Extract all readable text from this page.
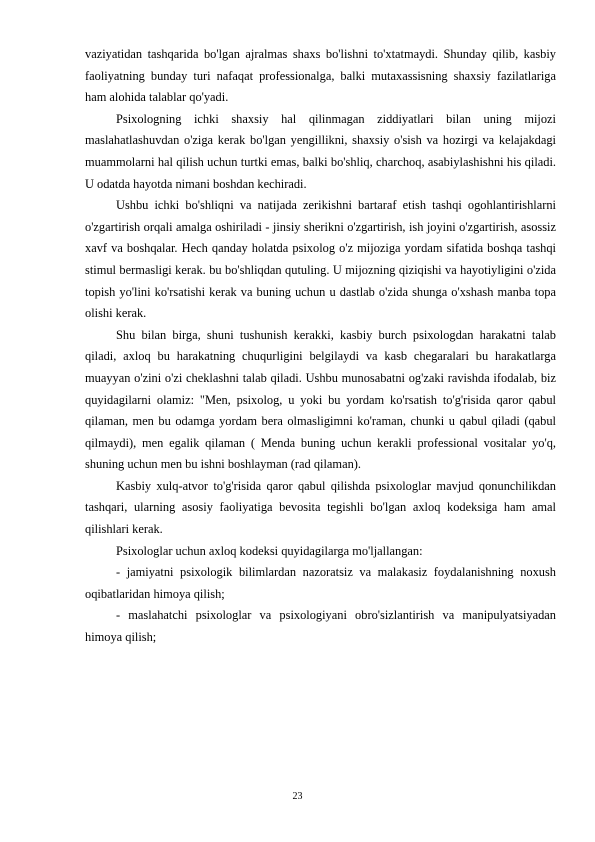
vaziyatidan tashqarida bo'lgan ajralmas shaxs bo'lishni to'xtatmaydi. Shunday qilib, kasbiy faoliyatning bunday turi nafaqat professionalga, balki mutaxassisning shaxsiy fazilatlariga ham alohida talablar qo'yadi.

Psixologning ichki shaxsiy hal qilinmagan ziddiyatlari bilan uning mijozi maslahatlashuvdan o'ziga kerak bo'lgan yengillikni, shaxsiy o'sish va hozirgi va kelajakdagi muammolarni hal qilish uchun turtki emas, balki bo'shliq, charchoq, asabiylashishni his qiladi. U odatda hayotda nimani boshdan kechiradi.

Ushbu ichki bo'shliqni va natijada zerikishni bartaraf etish tashqi ogohlantirishlarni o'zgartirish orqali amalga oshiriladi - jinsiy sherikni o'zgartirish, ish joyini o'zgartirish, asossiz xavf va boshqalar. Hech qanday holatda psixolog o'z mijoziga yordam sifatida boshqa tashqi stimul bermasligi kerak. bu bo'shliqdan qutuling. U mijozning qiziqishi va hayotiyligini o'zida topish yo'lini ko'rsatishi kerak va buning uchun u dastlab o'zida shunga o'xshash manba topa olishi kerak.

Shu bilan birga, shuni tushunish kerakki, kasbiy burch psixologdan harakatni talab qiladi, axloq bu harakatning chuqurligini belgilaydi va kasb chegaralari bu harakatlarga muayyan o'zini o'zi cheklashni talab qiladi. Ushbu munosabatni og'zaki ravishda ifodalab, biz quyidagilarni olamiz: "Men, psixolog, u yoki bu yordam ko'rsatish to'g'risida qaror qabul qilaman, men bu odamga yordam bera olmasligimni ko'raman, chunki u qabul qiladi (qabul qilmaydi), men egalik qilaman ( Menda buning uchun kerakli professional vositalar yo'q, shuning uchun men bu ishni boshlayman (rad qilaman).

Kasbiy xulq-atvor to'g'risida qaror qabul qilishda psixologlar mavjud qonunchilikdan tashqari, ularning asosiy faoliyatiga bevosita tegishli bo'lgan axloq kodeksiga ham amal qilishlari kerak.

Psixologlar uchun axloq kodeksi quyidagilarga mo'ljallangan:

- jamiyatni psixologik bilimlardan nazoratsiz va malakasiz foydalanishning noxush oqibatlaridan himoya qilish;

- maslahatchi psixologlar va psixologiyani obro'sizlantirish va manipulyatsiyadan himoya qilish;

23
